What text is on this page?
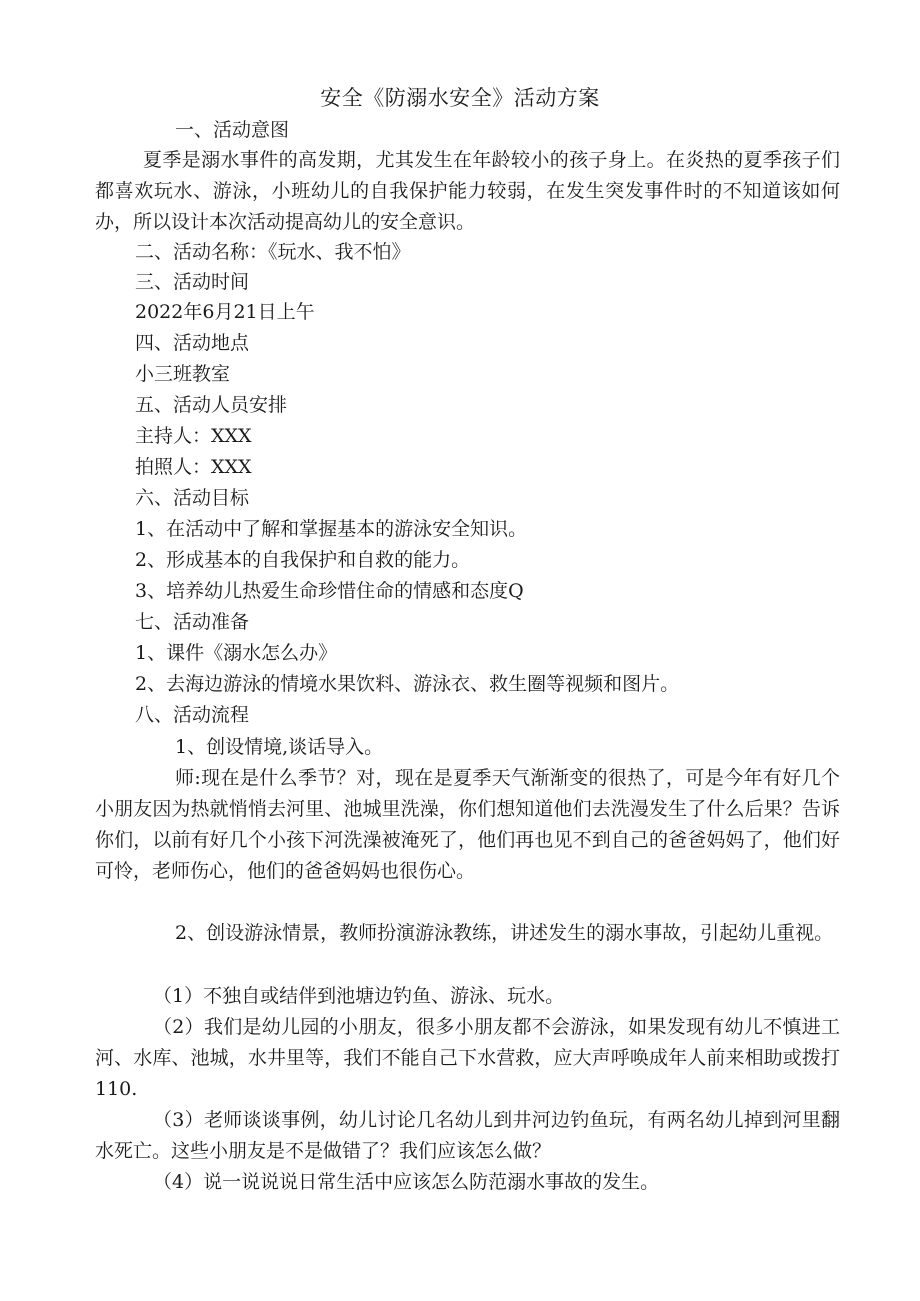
安全《防溺水安全》活动方案
一、活动意图
夏季是溺水事件的高发期，尤其发生在年龄较小的孩子身上。在炎热的夏季孩子们都喜欢玩水、游泳，小班幼儿的自我保护能力较弱，在发生突发事件时的不知道该如何办，所以设计本次活动提高幼儿的安全意识。
二、活动名称：《玩水、我不怕》
三、活动时间
2022年6月21日上午
四、活动地点
小三班教室
五、活动人员安排
主持人：XXX
拍照人：XXX
六、活动目标
1、在活动中了解和掌握基本的游泳安全知识。
2、形成基本的自我保护和自救的能力。
3、培养幼儿热爱生命珍惜住命的情感和态度Q
七、活动准备
1、课件《溺水怎么办》
2、去海边游泳的情境水果饮料、游泳衣、救生圈等视频和图片。
八、活动流程
1、创设情境,谈话导入。
师:现在是什么季节？对，现在是夏季天气渐渐变的很热了，可是今年有好几个小朋友因为热就悄悄去河里、池城里洗澡，你们想知道他们去洗漫发生了什么后果？告诉你们，以前有好几个小孩下河洗澡被淹死了，他们再也见不到自己的爸爸妈妈了，他们好可怜，老师伤心，他们的爸爸妈妈也很伤心。
2、创设游泳情景，教师扮演游泳教练，讲述发生的溺水事故，引起幼儿重视。
（1）不独自或结伴到池塘边钓鱼、游泳、玩水。
（2）我们是幼儿园的小朋友，很多小朋友都不会游泳，如果发现有幼儿不慎进工河、水库、池城，水井里等，我们不能自己下水营救，应大声呼唤成年人前来相助或拨打110.
（3）老师谈谈事例，幼儿讨论几名幼儿到井河边钓鱼玩，有两名幼儿掉到河里翻水死亡。这些小朋友是不是做错了？我们应该怎么做？
（4）说一说说说日常生活中应该怎么防范溺水事故的发生。
